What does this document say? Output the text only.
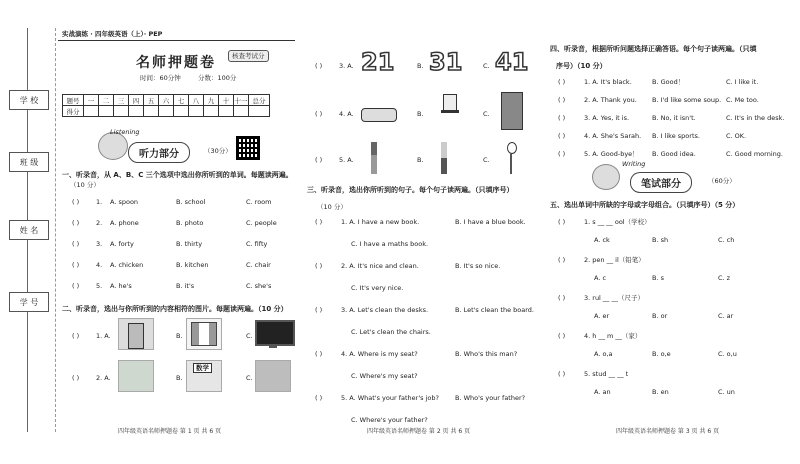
学 校
班 级
姓 名
学 号
实战演练 · 四年级英语（上）· PEP
名师押题卷	核查考试分
时间：60分钟	分数：100分
题号	一	二	三	四	五	六	七	八	九	十	十一	总分
得分												
Listening
听力部分	（30分）
一、听录音，从 A、B、C 三个选项中选出你所听到的单词。每题读两遍。
（10 分）
二、听录音，选出与你所听到的内容相符的图片。每题读两遍。（10 分）
( )	1. A.	B.	C.
( )	2. A.	B.
数学
C.
四年级英语名师押题卷 第 1 页 共 6 页
( )	1. A. spoon	B. school	C. room
( )	2. A. phone	B. photo	C. people
( )	3. A. forty	B. thirty	C. fifty
( )	4. A. chicken	B. kitchen	C. chair
( )	5. A. he's	B. it's	C. she's
( )	3. A. 21	B. 31	C. 41
( )	4. A.	B.	C.
( )	5. A.	B.	C.
三、听录音，选出你所听到的句子。每个句子读两遍。（只填序号）
（10 分）
四年级英语名师押题卷 第 2 页 共 6 页
( )	1. A. I have a new book.	B. I have a blue book.
C. I have a maths book.
( )	2. A. It's nice and clean.	B. It's so nice.
C. It's very nice.
( )	3. A. Let's clean the desks.	B. Let's clean the board.
C. Let's clean the chairs.
( )	4. A. Where is my seat?	B. Who's this man?
C. Where's my seat?
( )	5. A. What's your father's job? B. Who's your father?
C. Where's your father?
四、听录音，根据所听问题选择正确答语。每个句子读两遍。（只填
序号）（10 分）
Writing
笔试部分	（60分）
五、选出单词中所缺的字母或字母组合。（只填序号）（5 分）
四年级英语名师押题卷 第 3 页 共 6 页
( )	1. A. It's black.	B. Good！	C. I like it.
( )	2. A. Thank you. B. I'd like some soup. C. Me too.
( )	3. A. Yes, it is.	B. No, it isn't.	C. It's in the desk.
( )	4. A. She's Sarah. B. I like sports.	C. OK.
( )	5. A. Good-bye！ B. Good idea.	C. Good morning.
( )	1. s __ __ ool（学校）
A. ck	B. sh	C. ch
( )	2. pen __ il（铅笔）
A. c	B. s	C. z
( )	3. rul __ __（尺子）
A. er	B. or	C. ar
( )	4. h __ m __（家）
A. o,a	B. o,e	C. o,u
( )	5. stud __ __ t
A. an	B. en	C. un
